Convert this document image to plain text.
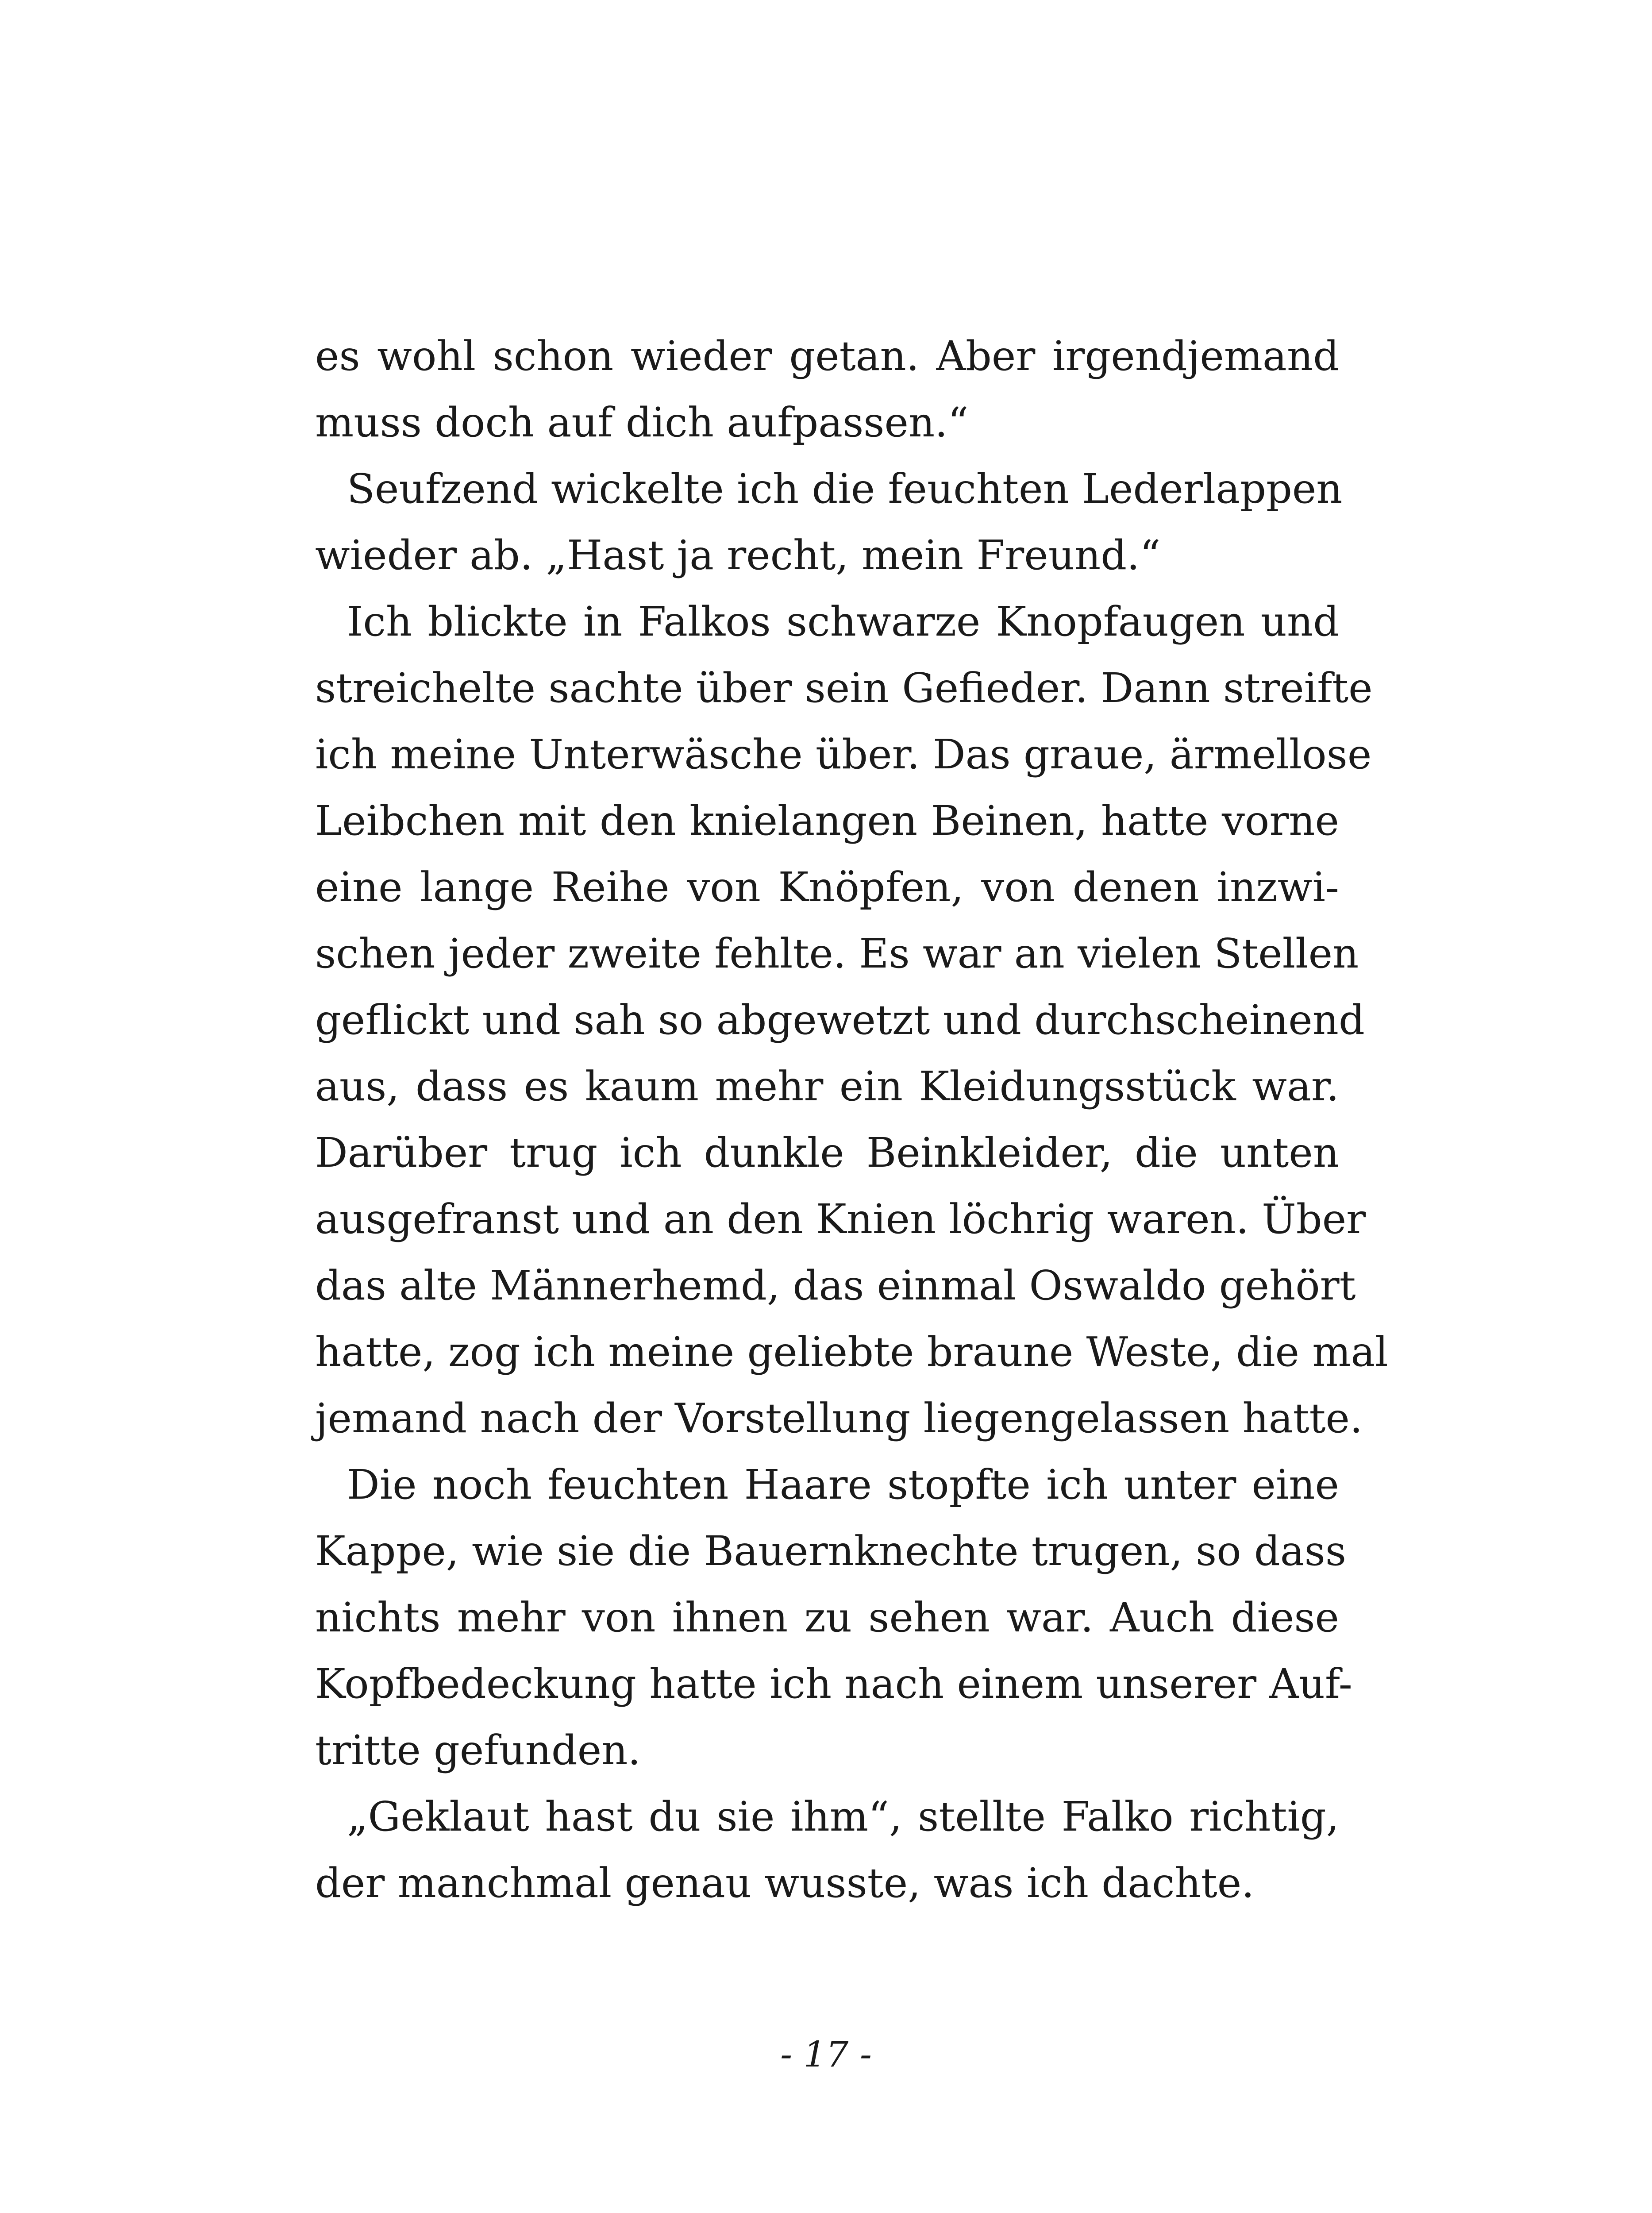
es wohl schon wieder getan. Aber irgendjemand
muss doch auf dich aufpassen.“
Seufzend wickelte ich die feuchten Lederlappen
wieder ab. „Hast ja recht, mein Freund.“
Ich blickte in Falkos schwarze Knopfaugen und
streichelte sachte über sein Gefieder. Dann streifte
ich meine Unterwäsche über. Das graue, ärmellose
Leibchen mit den knielangen Beinen, hatte vorne
eine lange Reihe von Knöpfen, von denen inzwi-
schen jeder zweite fehlte. Es war an vielen Stellen
geflickt und sah so abgewetzt und durchscheinend
aus, dass es kaum mehr ein Kleidungsstück war.
Darüber trug ich dunkle Beinkleider, die unten
ausgefranst und an den Knien löchrig waren. Über
das alte Männerhemd, das einmal Oswaldo gehört
hatte, zog ich meine geliebte braune Weste, die mal
jemand nach der Vorstellung liegengelassen hatte.
Die noch feuchten Haare stopfte ich unter eine
Kappe, wie sie die Bauernknechte trugen, so dass
nichts mehr von ihnen zu sehen war. Auch diese
Kopfbedeckung hatte ich nach einem unserer Auf-
tritte gefunden.
„Geklaut hast du sie ihm“, stellte Falko richtig,
der manchmal genau wusste, was ich dachte.
- 17 -
